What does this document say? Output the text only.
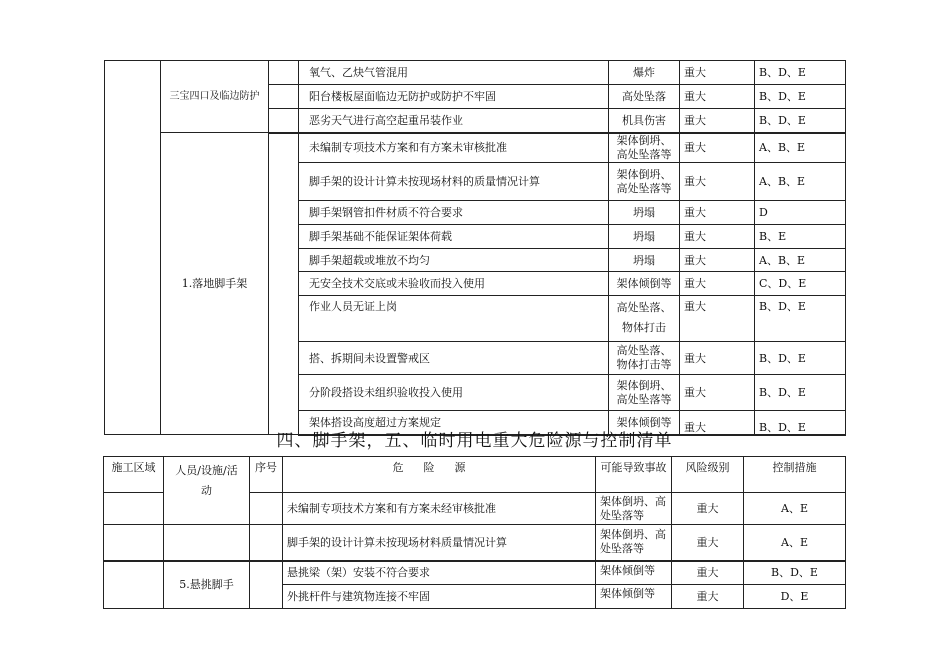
	三宝四口及临边防护		氧气、乙炔气管混用	爆炸	重大	B、D、E
			阳台楼板屋面临边无防护或防护不牢固	高处坠落	重大	B、D、E
			恶劣天气进行高空起重吊装作业	机具伤害	重大	B、D、E
	1.落地脚手架		未编制专项技术方案和有方案未审核批准	架体倒坍、
高处坠落等	重大	A、B、E
			脚手架的设计计算未按现场材料的质量情况计算	架体倒坍、
高处坠落等	重大	A、B、E
			脚手架钢管扣件材质不符合要求	坍塌	重大	D
			脚手架基础不能保证架体荷载	坍塌	重大	B、E
			脚手架超载或堆放不均匀	坍塌	重大	A、B、E
			无安全技术交底或未验收而投入使用	架体倾倒等	重大	C、D、E
			作业人员无证上岗	高处坠落、
物体打击	重大	B、D、E
			搭、拆期间未设置警戒区	高处坠落、
物体打击等	重大	B、D、E
			分阶段搭设未组织验收投入使用	架体倒坍、
高处坠落等	重大	B、D、E
			架体搭设高度超过方案规定	架体倾倒等	重大	B、D、E
四、脚手架，五、临时用电重大危险源与控制清单
施工区域	人员/设施/活
动	序号	危险源	可能导致事故	风险级别	控制措施
			未编制专项技术方案和有方案未经审核批准	架体倒坍、高
处坠落等	重大	A、E
			脚手架的设计计算未按现场材料质量情况计算	架体倒坍、高
处坠落等	重大	A、E
	5.悬挑脚手		悬挑梁（架）安装不符合要求	架体倾倒等	重大	B、D、E
			外挑杆件与建筑物连接不牢固	架体倾倒等	重大	D、E
